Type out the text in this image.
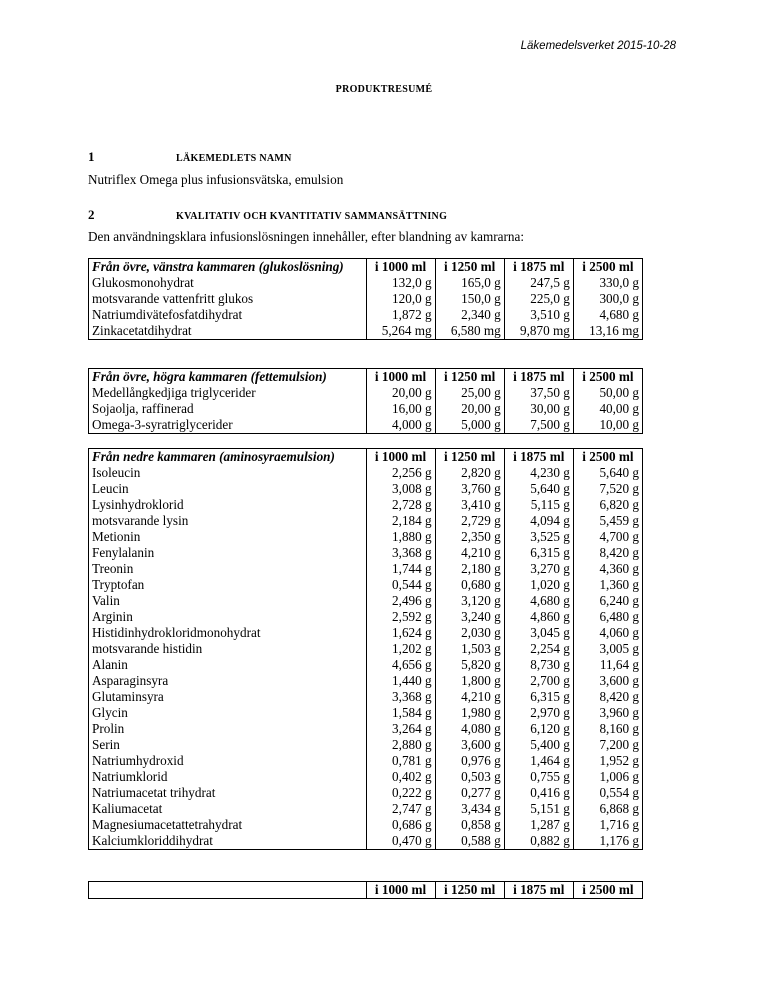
Läkemedelsverket 2015-10-28
PRODUKTRESUMÉ
1	LÄKEMEDLETS NAMN
Nutriflex Omega plus infusionsvätska, emulsion
2	KVALITATIV OCH KVANTITATIV SAMMANSÄTTNING
Den användningsklara infusionslösningen innehåller, efter blandning av kamrarna:
Från övre, vänstra kammaren (glukoslösning)	i 1000 ml	i 1250 ml	i 1875 ml	i 2500 ml
Glukosmonohydrat	132,0 g	165,0 g	247,5 g	330,0 g
motsvarande vattenfritt glukos	120,0 g	150,0 g	225,0 g	300,0 g
Natriumdivätefosfatdihydrat	1,872 g	2,340 g	3,510 g	4,680 g
Zinkacetatdihydrat	5,264 mg	6,580 mg	9,870 mg	13,16 mg
Från övre, högra kammaren (fettemulsion)	i 1000 ml	i 1250 ml	i 1875 ml	i 2500 ml
Medellångkedjiga triglycerider	20,00 g	25,00 g	37,50 g	50,00 g
Sojaolja, raffinerad	16,00 g	20,00 g	30,00 g	40,00 g
Omega-3-syratriglycerider	4,000 g	5,000 g	7,500 g	10,00 g
Från nedre kammaren (aminosyraemulsion)	i 1000 ml	i 1250 ml	i 1875 ml	i 2500 ml
Isoleucin	2,256 g	2,820 g	4,230 g	5,640 g
Leucin	3,008 g	3,760 g	5,640 g	7,520 g
Lysinhydroklorid	2,728 g	3,410 g	5,115 g	6,820 g
motsvarande lysin	2,184 g	2,729 g	4,094 g	5,459 g
Metionin	1,880 g	2,350 g	3,525 g	4,700 g
Fenylalanin	3,368 g	4,210 g	6,315 g	8,420 g
Treonin	1,744 g	2,180 g	3,270 g	4,360 g
Tryptofan	0,544 g	0,680 g	1,020 g	1,360 g
Valin	2,496 g	3,120 g	4,680 g	6,240 g
Arginin	2,592 g	3,240 g	4,860 g	6,480 g
Histidinhydrokloridmonohydrat	1,624 g	2,030 g	3,045 g	4,060 g
motsvarande histidin	1,202 g	1,503 g	2,254 g	3,005 g
Alanin	4,656 g	5,820 g	8,730 g	11,64 g
Asparaginsyra	1,440 g	1,800 g	2,700 g	3,600 g
Glutaminsyra	3,368 g	4,210 g	6,315 g	8,420 g
Glycin	1,584 g	1,980 g	2,970 g	3,960 g
Prolin	3,264 g	4,080 g	6,120 g	8,160 g
Serin	2,880 g	3,600 g	5,400 g	7,200 g
Natriumhydroxid	0,781 g	0,976 g	1,464 g	1,952 g
Natriumklorid	0,402 g	0,503 g	0,755 g	1,006 g
Natriumacetat trihydrat	0,222 g	0,277 g	0,416 g	0,554 g
Kaliumacetat	2,747 g	3,434 g	5,151 g	6,868 g
Magnesiumacetattetrahydrat	0,686 g	0,858 g	1,287 g	1,716 g
Kalciumkloriddihydrat	0,470 g	0,588 g	0,882 g	1,176 g
	i 1000 ml	i 1250 ml	i 1875 ml	i 2500 ml
